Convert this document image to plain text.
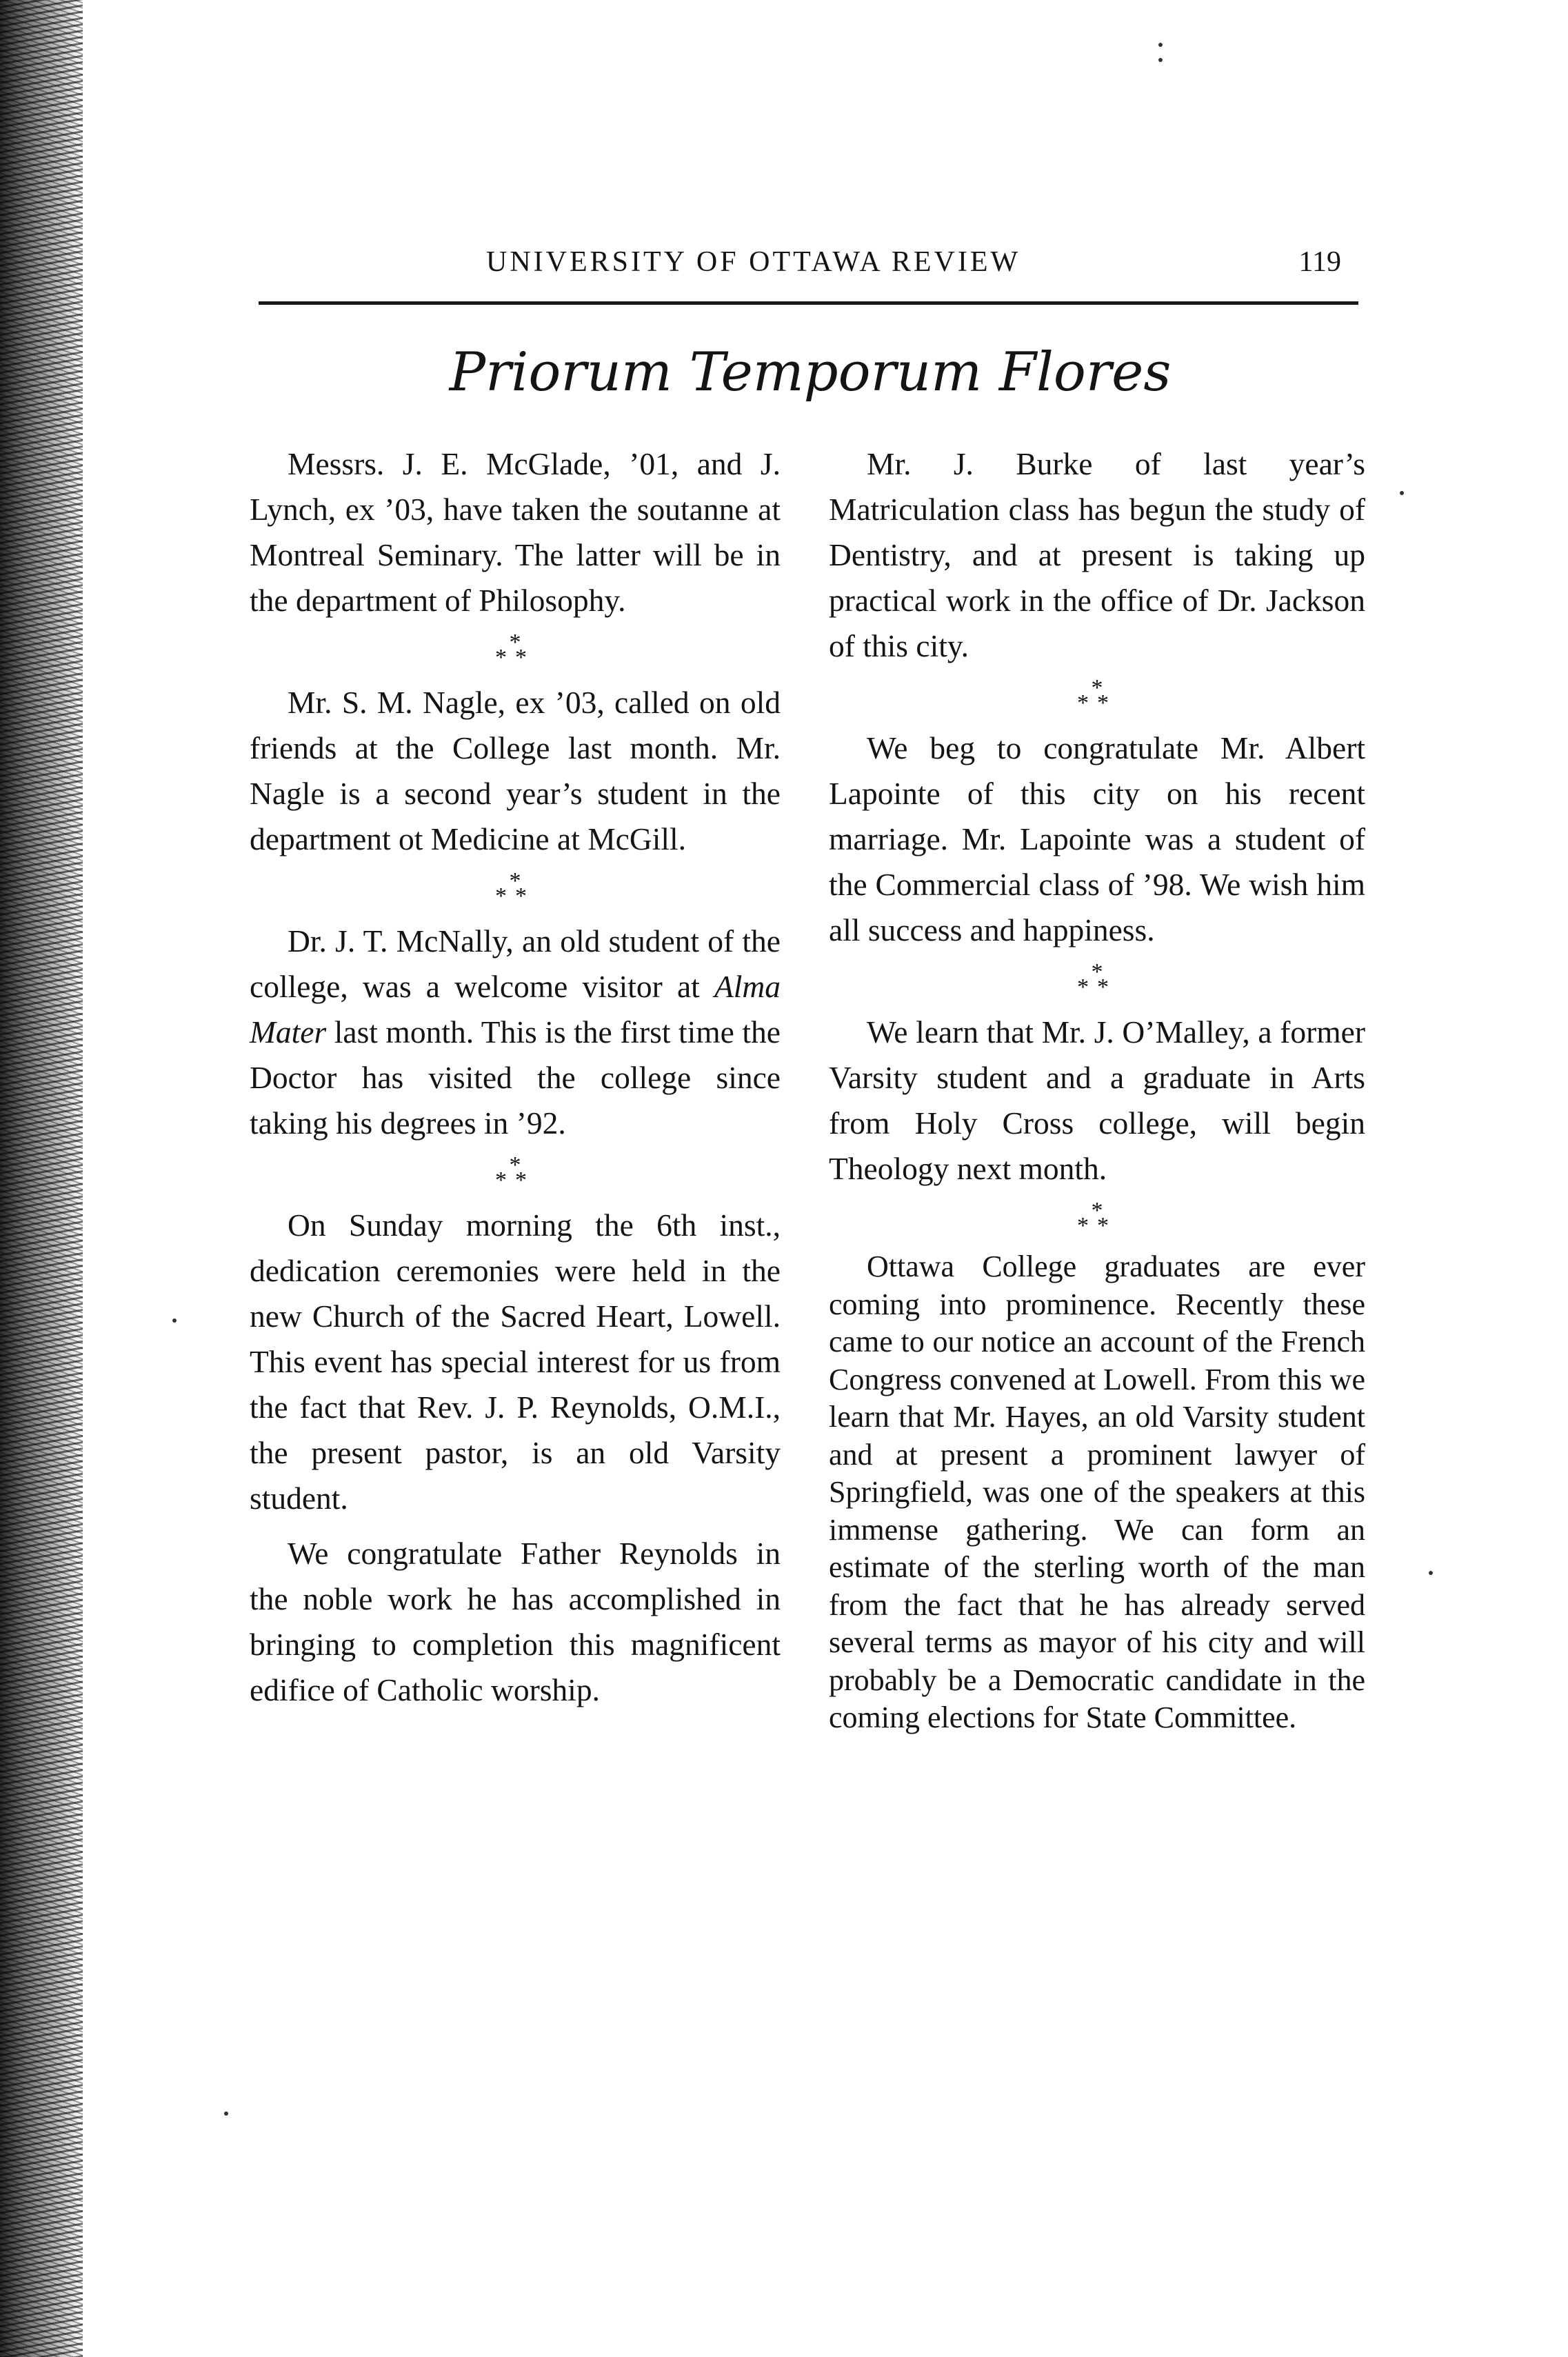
UNIVERSITY OF OTTAWA REVIEW	119
Priorum Temporum Flores

Messrs. J. E. McGlade, ’01, and J. Lynch, ex ’03, have taken the soutanne at Montreal Seminary. The latter will be in the department of Philosophy.

*
**

Mr. S. M. Nagle, ex ’03, called on old friends at the College last month. Mr. Nagle is a second year’s student in the department ot Medicine at McGill.

*
**

Dr. J. T. McNally, an old student of the college, was a welcome visitor at Alma Mater last month. This is the first time the Doctor has visited the college since taking his degrees in ’92.

*
**

On Sunday morning the 6th inst., dedication ceremonies were held in the new Church of the Sacred Heart, Lowell. This event has special interest for us from the fact that Rev. J. P. Reynolds, O.M.I., the present pastor, is an old Varsity student.

We congratulate Father Reynolds in the noble work he has accomplished in bringing to completion this magnificent edifice of Catholic worship.

Mr. J. Burke of last year’s Matriculation class has begun the study of Dentistry, and at present is taking up practical work in the office of Dr. Jackson of this city.

*
**

We beg to congratulate Mr. Albert Lapointe of this city on his recent marriage. Mr. Lapointe was a student of the Commercial class of ’98. We wish him all success and happiness.

*
**

We learn that Mr. J. O’Malley, a former Varsity student and a graduate in Arts from Holy Cross college, will begin Theology next month.

*
**

Ottawa College graduates are ever coming into prominence. Recently these came to our notice an account of the French Congress convened at Lowell. From this we learn that Mr. Hayes, an old Varsity student and at present a prominent lawyer of Springfield, was one of the speakers at this immense gathering. We can form an estimate of the sterling worth of the man from the fact that he has already served several terms as mayor of his city and will probably be a Democratic candidate in the coming elections for State Committee.
